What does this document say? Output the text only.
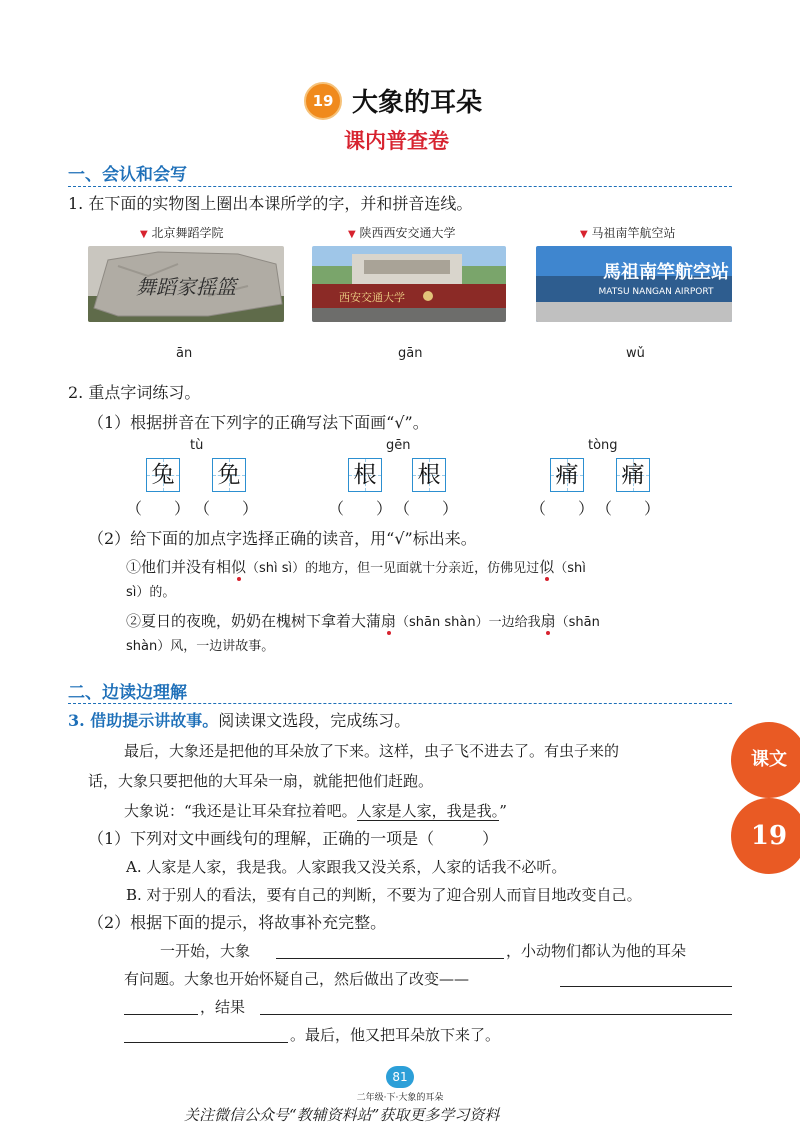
19 大象的耳朵
课内普查卷
一、会认和会写
1. 在下面的实物图上圈出本课所学的字，并和拼音连线。
▼ 北京舞蹈学院	▼ 陕西西安交通大学	▼ 马祖南竿航空站
舞蹈家摇篮	西安交通大学
馬祖南竿航空站
MATSU NANGAN AIRPORT
ān	gān	wǔ
2. 重点字词练习。
（1）根据拼音在下列字的正确写法下面画“√”。
tù
兔 免
（　　） （　　）
gēn
根 根
（　　） （　　）
tòng
痛 痛
（　　） （　　）
（2）给下面的加点字选择正确的读音，用“√”标出来。
①他们并没有相似（shì sì）的地方，但一见面就十分亲近，仿佛见过似（shì
sì）的。
②夏日的夜晚，奶奶在槐树下拿着大蒲扇（shān shàn）一边给我扇（shān
shàn）风，一边讲故事。
二、边读边理解
3. 借助提示讲故事。阅读课文选段，完成练习。
最后，大象还是把他的耳朵放了下来。这样，虫子飞不进去了。有虫子来的
话，大象只要把他的大耳朵一扇，就能把他们赶跑。
大象说：“我还是让耳朵耷拉着吧。人家是人家，我是我。”
（1）下列对文中画线句的理解，正确的一项是（　　　）
A. 人家是人家，我是我。人家跟我又没关系，人家的话我不必听。
B. 对于别人的看法，要有自己的判断，不要为了迎合别人而盲目地改变自己。
（2）根据下面的提示，将故事补充完整。
一开始，大象	，小动物们都认为他的耳朵
有问题。大象也开始怀疑自己，然后做出了改变——
，结果
。最后，他又把耳朵放下来了。
课文
19
81
二年级·下·大象的耳朵
关注微信公众号“教辅资料站”获取更多学习资料
